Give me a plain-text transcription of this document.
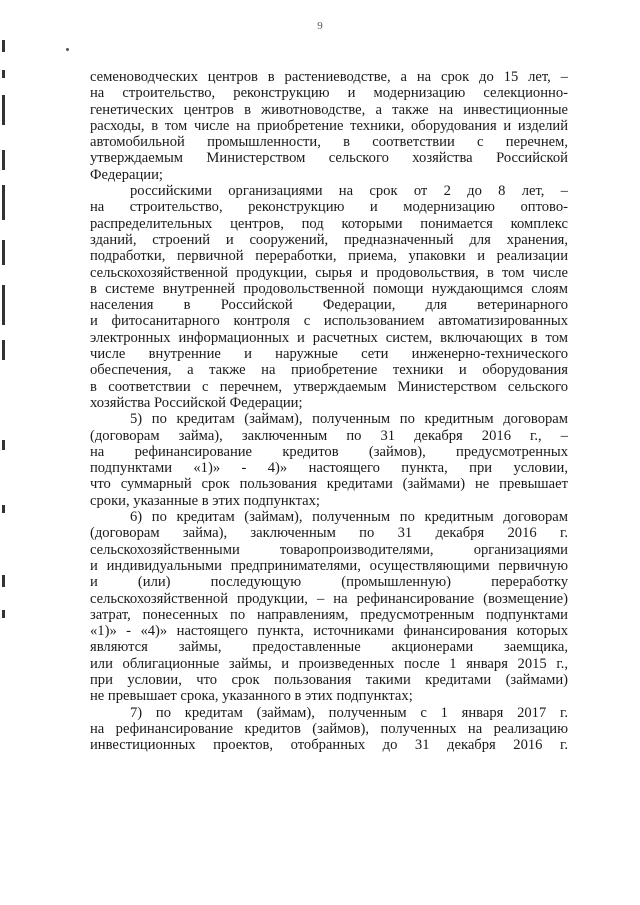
9
семеноводческих центров в растениеводстве, а на срок до 15 лет, –
на строительство, реконструкцию и модернизацию селекционно-
генетических центров в животноводстве, а также на инвестиционные
расходы, в том числе на приобретение техники, оборудования и изделий
автомобильной промышленности, в соответствии с перечнем,
утверждаемым Министерством сельского хозяйства Российской
Федерации;
российскими организациями на срок от 2 до 8 лет, –
на строительство, реконструкцию и модернизацию оптово-
распределительных центров, под которыми понимается комплекс
зданий, строений и сооружений, предназначенный для хранения,
подработки, первичной переработки, приема, упаковки и реализации
сельскохозяйственной продукции, сырья и продовольствия, в том числе
в системе внутренней продовольственной помощи нуждающимся слоям
населения в Российской Федерации, для ветеринарного
и фитосанитарного контроля с использованием автоматизированных
электронных информационных и расчетных систем, включающих в том
числе внутренние и наружные сети инженерно-технического
обеспечения, а также на приобретение техники и оборудования
в соответствии с перечнем, утверждаемым Министерством сельского
хозяйства Российской Федерации;
5) по кредитам (займам), полученным по кредитным договорам
(договорам займа), заключенным по 31 декабря 2016 г., –
на рефинансирование кредитов (займов), предусмотренных
подпунктами «1)» - 4)» настоящего пункта, при условии,
что суммарный срок пользования кредитами (займами) не превышает
сроки, указанные в этих подпунктах;
6) по кредитам (займам), полученным по кредитным договорам
(договорам займа), заключенным по 31 декабря 2016 г.
сельскохозяйственными товаропроизводителями, организациями
и индивидуальными предпринимателями, осуществляющими первичную
и (или) последующую (промышленную) переработку
сельскохозяйственной продукции, – на рефинансирование (возмещение)
затрат, понесенных по направлениям, предусмотренным подпунктами
«1)» - «4)» настоящего пункта, источниками финансирования которых
являются займы, предоставленные акционерами заемщика,
или облигационные займы, и произведенных после 1 января 2015 г.,
при условии, что срок пользования такими кредитами (займами)
не превышает срока, указанного в этих подпунктах;
7) по кредитам (займам), полученным с 1 января 2017 г.
на рефинансирование кредитов (займов), полученных на реализацию
инвестиционных проектов, отобранных до 31 декабря 2016 г.
